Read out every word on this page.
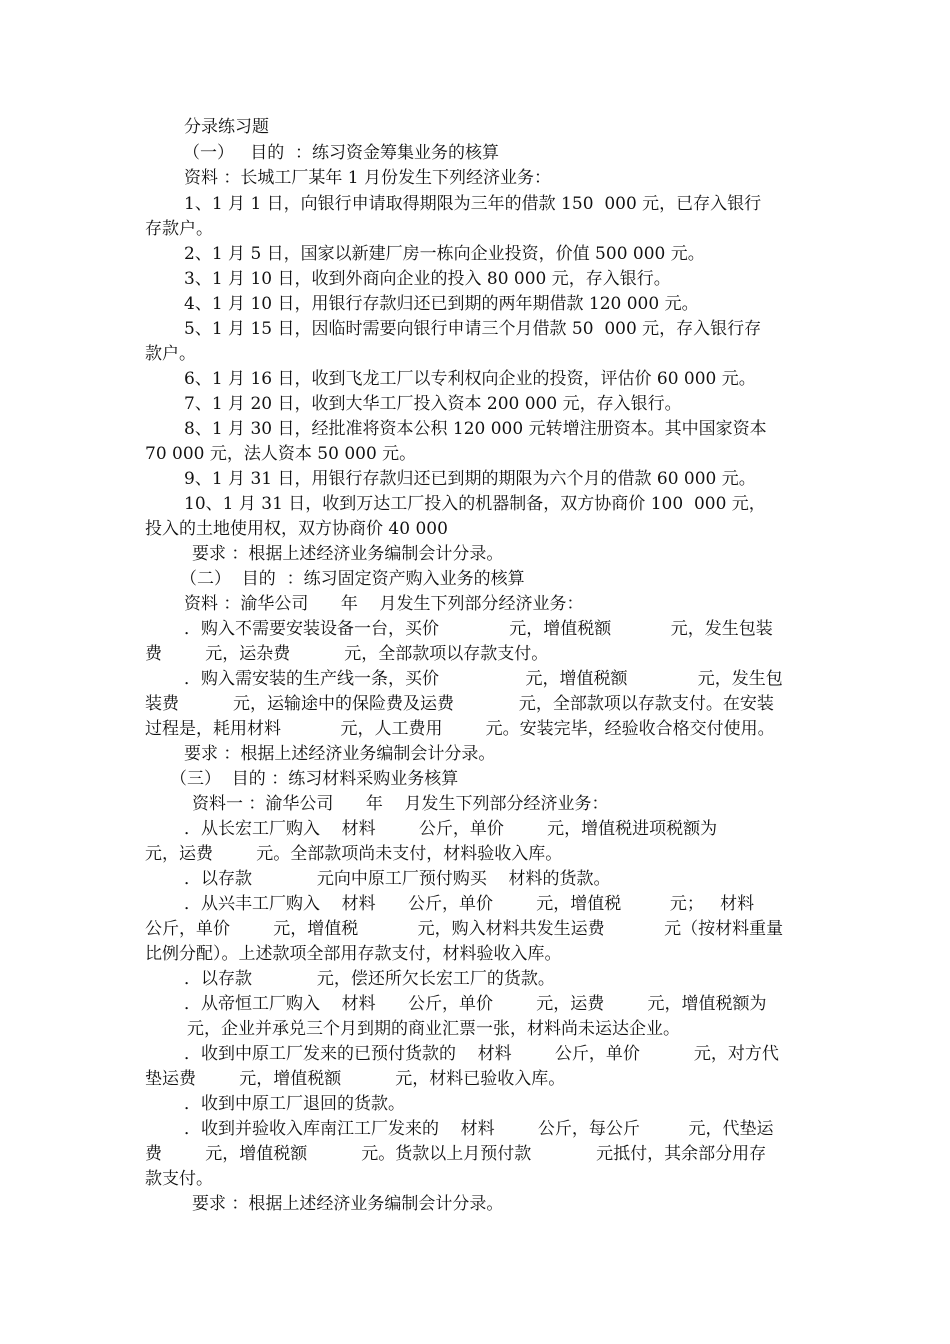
分录练习题
（一）   目的  ：练习资金筹集业务的核算
资料 ：长城工厂某年 1 月份发生下列经济业务：
1、1 月 1 日，向银行申请取得期限为三年的借款 150  000 元，已存入银行
存款户。
2、1 月 5 日，国家以新建厂房一栋向企业投资，价值 500 000 元。
3、1 月 10 日，收到外商向企业的投入 80 000 元，存入银行。
4、1 月 10 日，用银行存款归还已到期的两年期借款 120 000 元。
5、1 月 15 日，因临时需要向银行申请三个月借款 50  000 元，存入银行存
款户。
6、1 月 16 日，收到飞龙工厂以专利权向企业的投资，评估价 60 000 元。
7、1 月 20 日，收到大华工厂投入资本 200 000 元，存入银行。
8、1 月 30 日，经批准将资本公积 120 000 元转增注册资本。其中国家资本
70 000 元，法人资本 50 000 元。
9、1 月 31 日，用银行存款归还已到期的期限为六个月的借款 60 000 元。
10、1 月 31 日，收到万达工厂投入的机器制备，双方协商价 100  000 元，
投入的土地使用权，双方协商价 40 000
要求 ：根据上述经济业务编制会计分录。
（二）  目的  ：练习固定资产购入业务的核算
资料 ：渝华公司      年    月发生下列部分经济业务：
．购入不需要安装设备一台，买价             元，增值税额           元，发生包装
费        元，运杂费          元，全部款项以存款支付。
．购入需安装的生产线一条，买价                元，增值税额             元，发生包
装费          元，运输途中的保险费及运费            元，全部款项以存款支付。在安装
过程是，耗用材料           元，人工费用        元。安装完毕，经验收合格交付使用。
要求 ：根据上述经济业务编制会计分录。
（三）  目的 ：练习材料采购业务核算
资料一 ：渝华公司      年    月发生下列部分经济业务：
．从长宏工厂购入    材料        公斤，单价        元，增值税进项税额为
元，运费        元。全部款项尚未支付，材料验收入库。
．以存款            元向中原工厂预付购买    材料的货款。
．从兴丰工厂购入    材料      公斤，单价        元，增值税         元；   材料
公斤，单价        元，增值税           元，购入材料共发生运费           元（按材料重量
比例分配）。上述款项全部用存款支付，材料验收入库。
．以存款            元，偿还所欠长宏工厂的货款。
．从帝恒工厂购入    材料      公斤，单价        元，运费        元，增值税额为
元，企业并承兑三个月到期的商业汇票一张，材料尚未运达企业。
．收到中原工厂发来的已预付货款的    材料        公斤，单价          元，对方代
垫运费        元，增值税额          元，材料已验收入库。
．收到中原工厂退回的货款。
．收到并验收入库南江工厂发来的    材料        公斤，每公斤         元，代垫运
费        元，增值税额          元。货款以上月预付款            元抵付，其余部分用存
款支付。
要求 ：根据上述经济业务编制会计分录。
